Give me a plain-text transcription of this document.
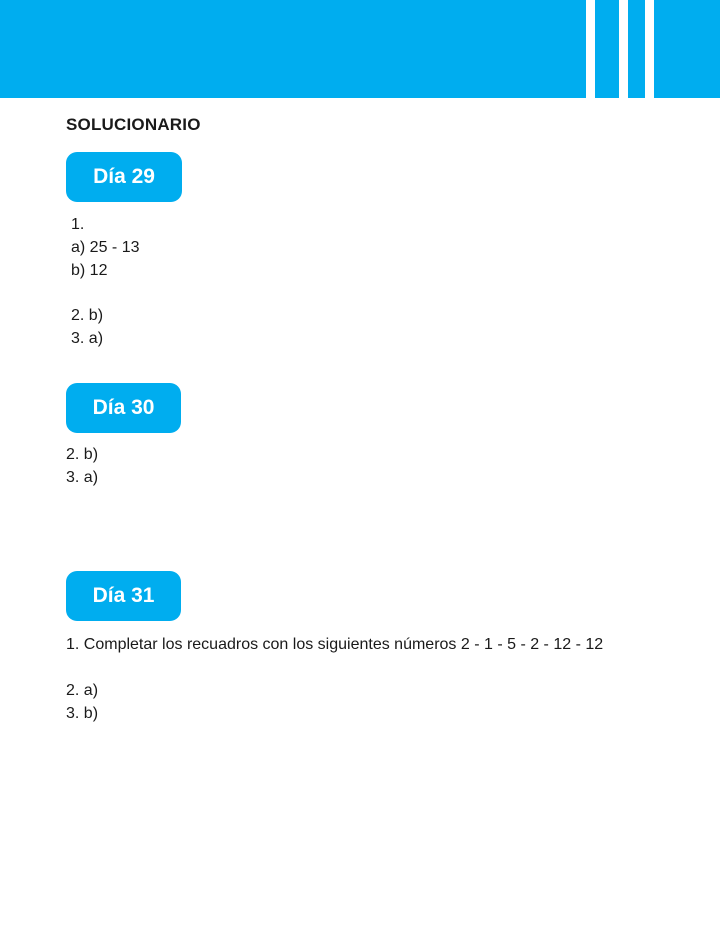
SOLUCIONARIO
Día 29
1.
a) 25 - 13
b) 12
2. b)
3. a)
Día 30
2. b)
3. a)
Día 31
1. Completar los recuadros con los siguientes números 2 - 1 - 5 - 2 - 12 - 12
2. a)
3. b)
